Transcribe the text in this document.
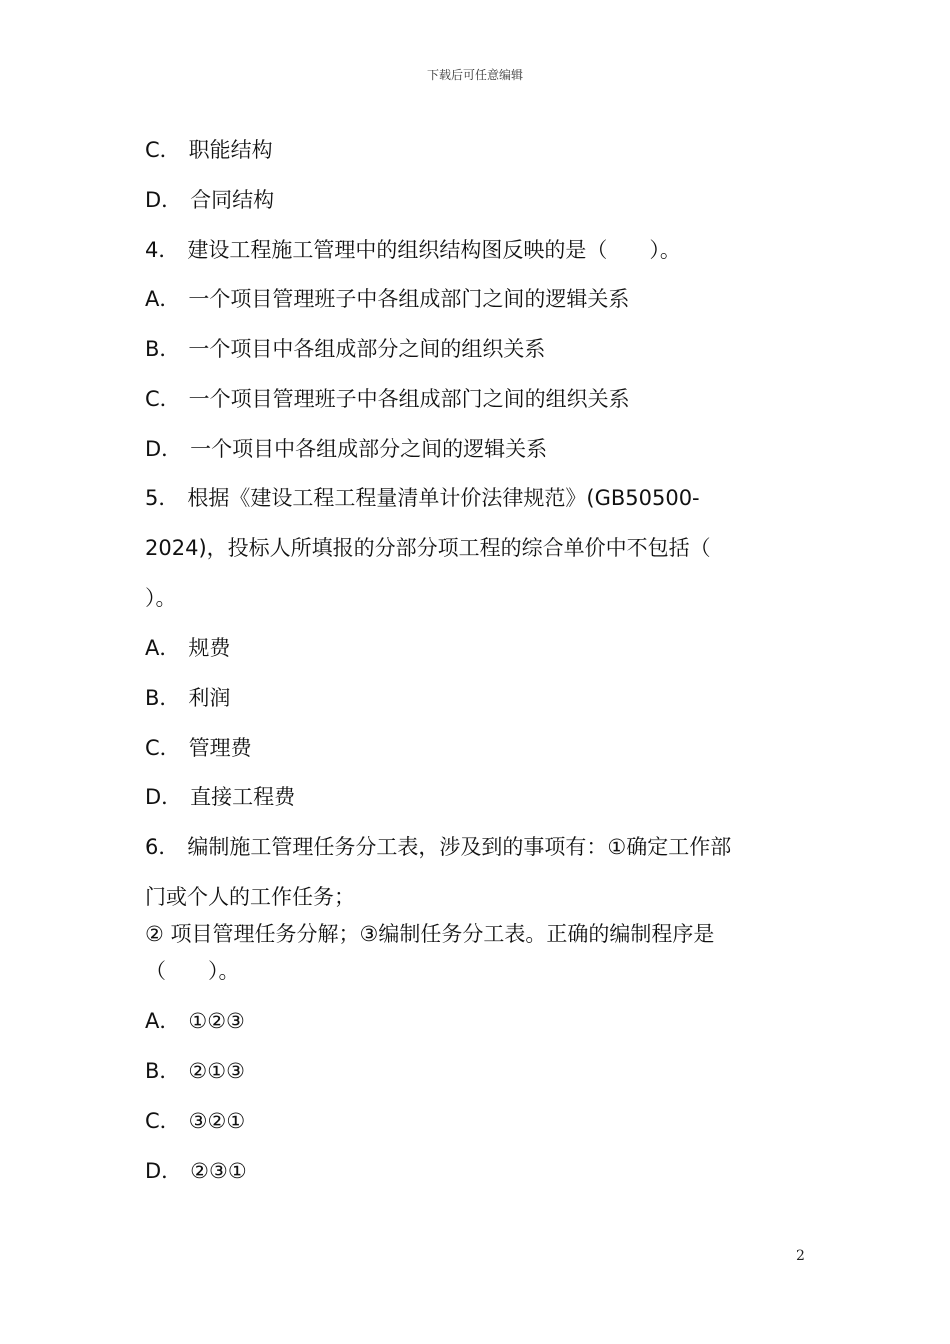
下载后可任意编辑
C． 职能结构
D． 合同结构
4． 建设工程施工管理中的组织结构图反映的是（　　）。
A． 一个项目管理班子中各组成部门之间的逻辑关系
B． 一个项目中各组成部分之间的组织关系
C． 一个项目管理班子中各组成部门之间的组织关系
D． 一个项目中各组成部分之间的逻辑关系
5． 根据《建设工程工程量清单计价法律规范》(GB50500-
2024)，投标人所填报的分部分项工程的综合单价中不包括（
）。
A． 规费
B． 利润
C． 管理费
D． 直接工程费
6． 编制施工管理任务分工表，涉及到的事项有：①确定工作部
门或个人的工作任务；
② 项目管理任务分解；③编制任务分工表。正确的编制程序是
（　　）。
A． ①②③
B． ②①③
C． ③②①
D． ②③①
2
